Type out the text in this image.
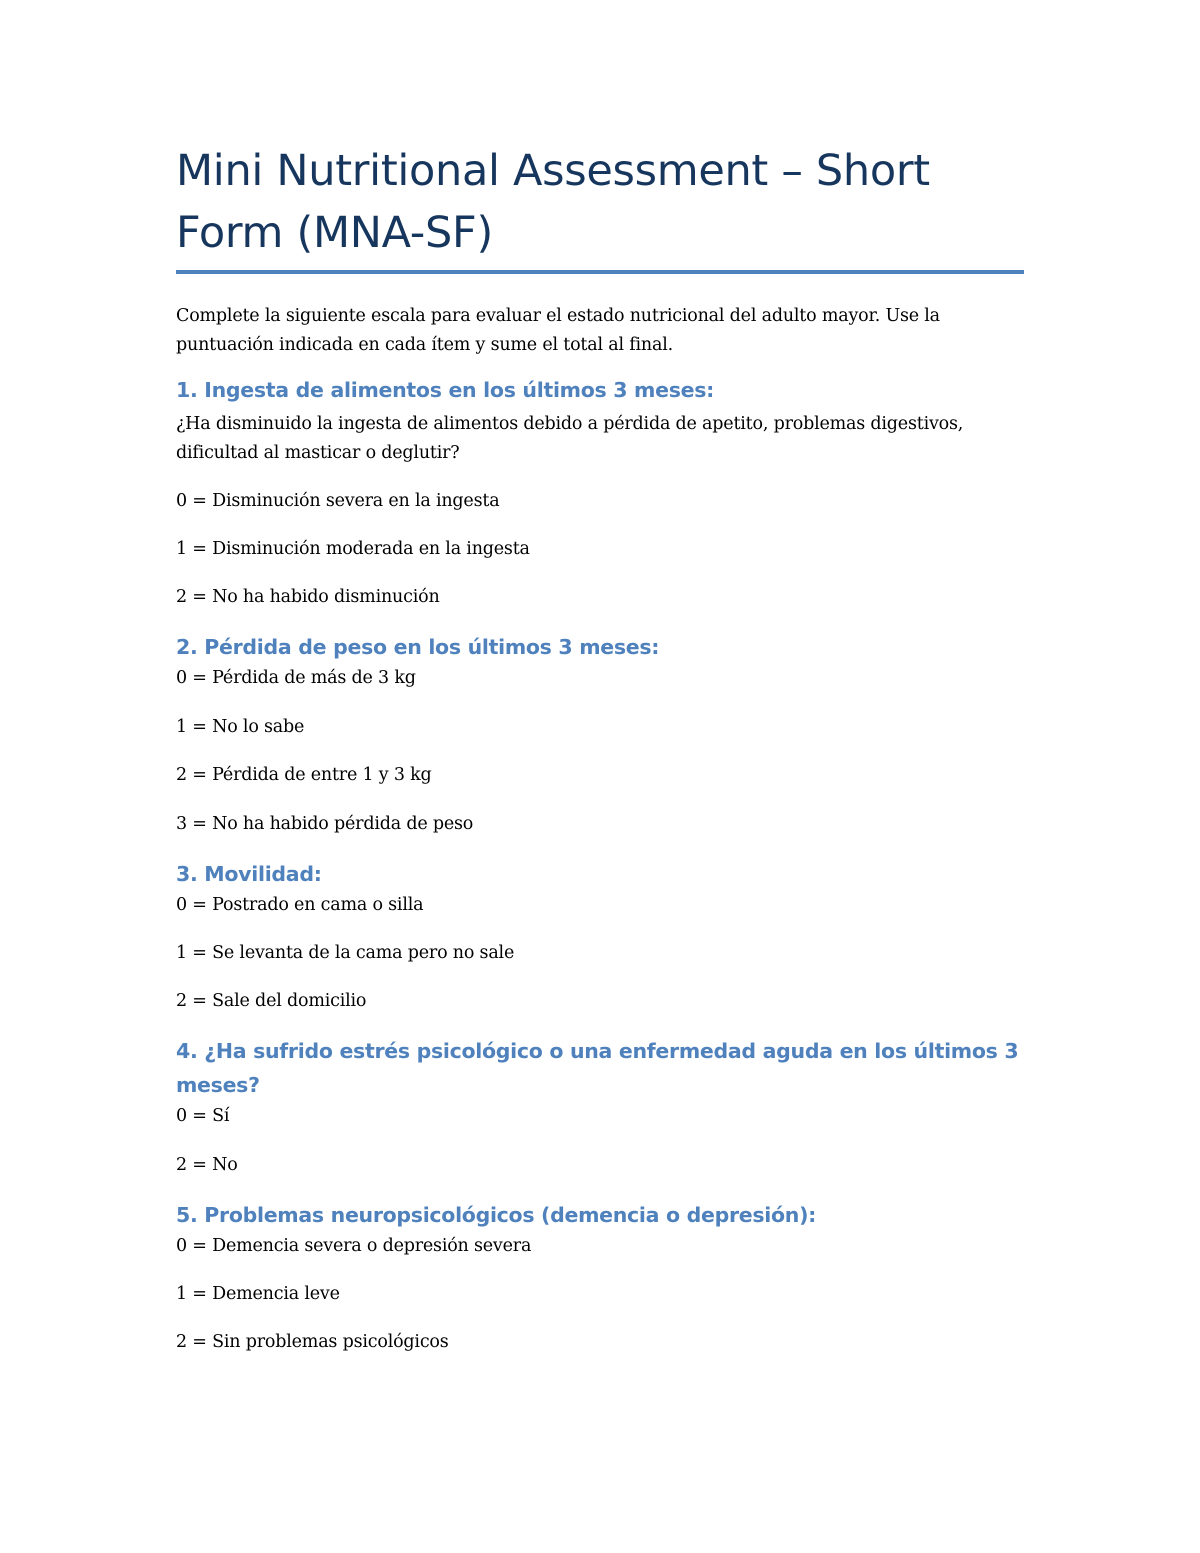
Mini Nutritional Assessment – Short Form (MNA-SF)

Complete la siguiente escala para evaluar el estado nutricional del adulto mayor. Use la puntuación indicada en cada ítem y sume el total al final.

1. Ingesta de alimentos en los últimos 3 meses:

¿Ha disminuido la ingesta de alimentos debido a pérdida de apetito, problemas digestivos, dificultad al masticar o deglutir?

0 = Disminución severa en la ingesta

1 = Disminución moderada en la ingesta

2 = No ha habido disminución

2. Pérdida de peso en los últimos 3 meses:

0 = Pérdida de más de 3 kg

1 = No lo sabe

2 = Pérdida de entre 1 y 3 kg

3 = No ha habido pérdida de peso

3. Movilidad:

0 = Postrado en cama o silla

1 = Se levanta de la cama pero no sale

2 = Sale del domicilio

4. ¿Ha sufrido estrés psicológico o una enfermedad aguda en los últimos 3 meses?

0 = Sí

2 = No

5. Problemas neuropsicológicos (demencia o depresión):

0 = Demencia severa o depresión severa

1 = Demencia leve

2 = Sin problemas psicológicos
